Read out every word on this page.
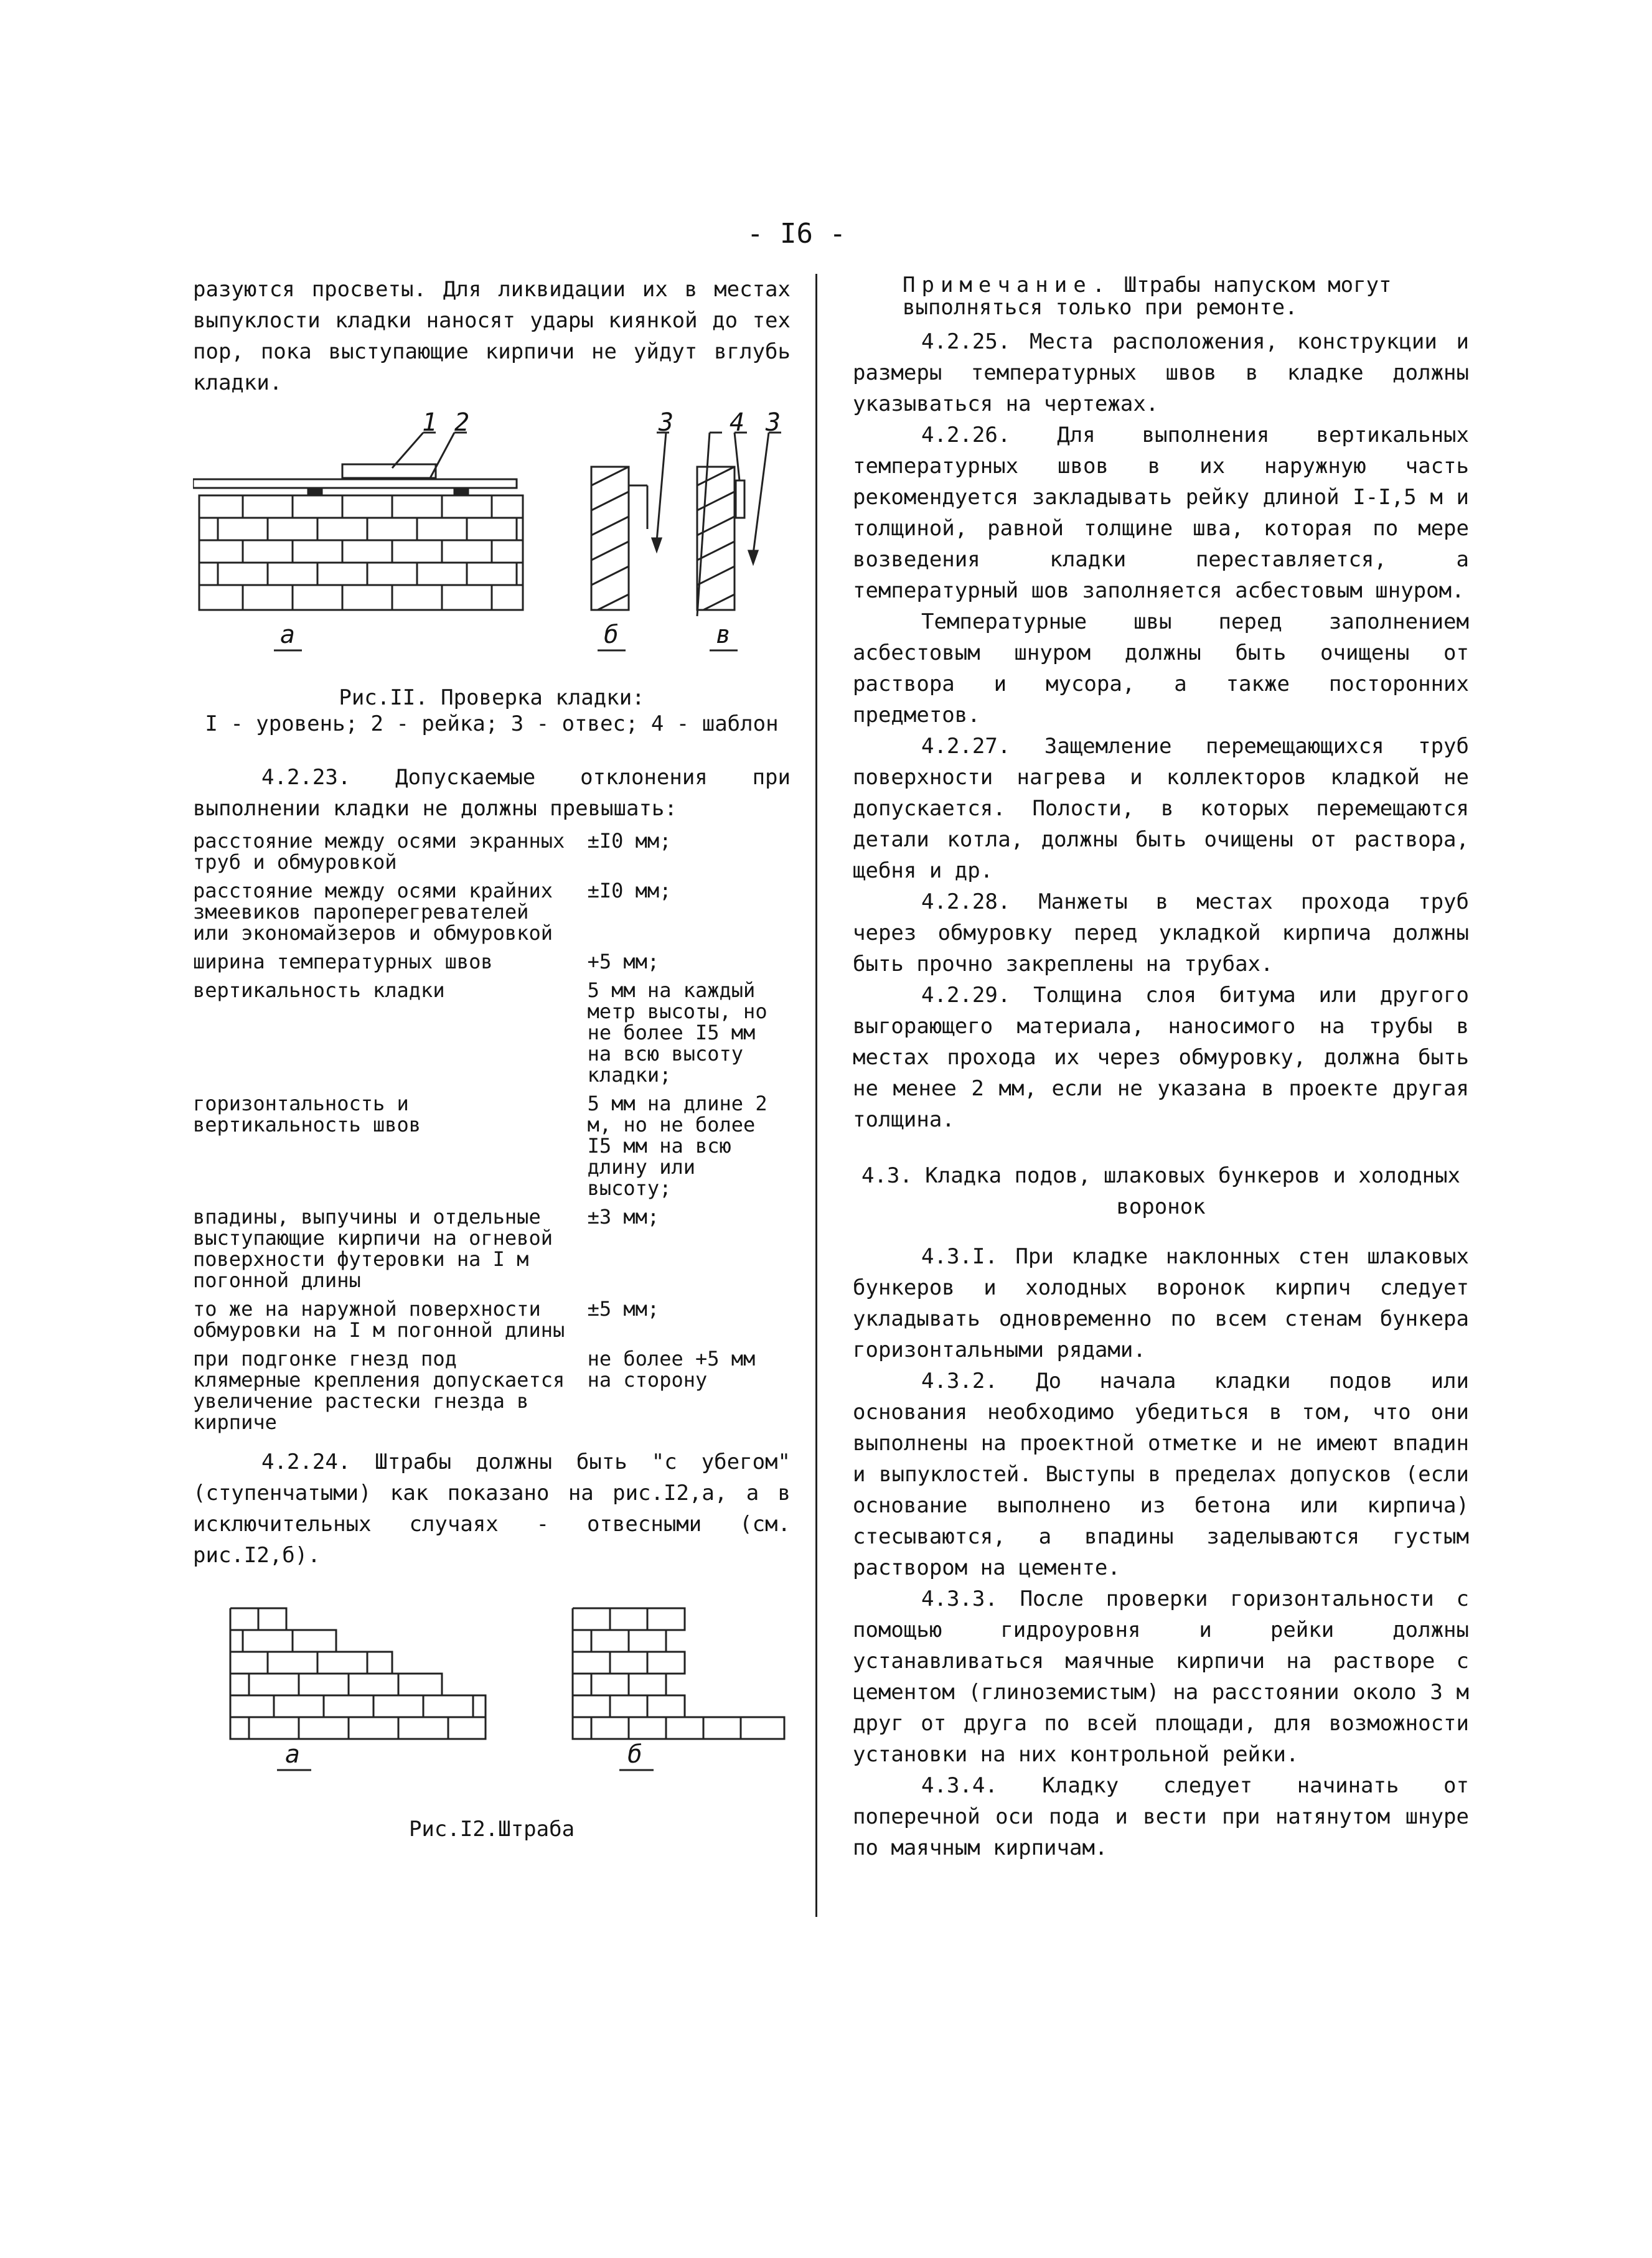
- I6 -

разуются просветы. Для ликвидации их в местах выпуклости кладки наносят удары киянкой до тех пор, пока выступающие кирпичи не уйдут вглубь кладки.

1 2	3 4 3
а	б	в

Рис.II. Проверка кладки:

I - уровень; 2 - рейка; 3 - отвес; 4 - шаблон

4.2.23. Допускаемые отклонения при выполнении кладки не должны превышать:

расстояние между осями экранных труб и обмуровкой	±I0 мм;
расстояние между осями крайних змеевиков пароперегревателей или экономайзеров и обмуровкой	±I0 мм;
ширина температурных швов	+5 мм;
вертикальность кладки	5 мм на каждый метр высоты, но не более I5 мм на всю высоту кладки;
горизонтальность и вертикальность швов	5 мм на длине 2 м, но не более I5 мм на всю длину или высоту;
впадины, выпучины и отдельные выступающие кирпичи на огневой поверхности футеровки на I м погонной длины	±3 мм;
то же на наружной поверхности обмуровки на I м погонной длины	±5 мм;
при подгонке гнезд под клямерные крепления допускается увеличение растески гнезда в кирпиче	не более +5 мм на сторону

4.2.24. Штрабы должны быть "с убегом" (ступенчатыми) как показано на рис.I2,а, а в исключительных случаях - отвесными (см. рис.I2,б).

а	б

Рис.I2.Штраба

Примечание. Штрабы напуском могут выполняться только при ремонте.

4.2.25. Места расположения, конструкции и размеры температурных швов в кладке должны указываться на чертежах.

4.2.26. Для выполнения вертикальных температурных швов в их наружную часть рекомендуется закладывать рейку длиной I-I,5 м и толщиной, равной толщине шва, которая по мере возведения кладки переставляется, а температурный шов заполняется асбестовым шнуром.

Температурные швы перед заполнением асбестовым шнуром должны быть очищены от раствора и мусора, а также посторонних предметов.

4.2.27. Защемление перемещающихся труб поверхности нагрева и коллекторов кладкой не допускается. Полости, в которых перемещаются детали котла, должны быть очищены от раствора, щебня и др.

4.2.28. Манжеты в местах прохода труб через обмуровку перед укладкой кирпича должны быть прочно закреплены на трубах.

4.2.29. Толщина слоя битума или другого выгорающего материала, наносимого на трубы в местах прохода их через обмуровку, должна быть не менее 2 мм, если не указана в проекте другая толщина.

4.3. Кладка подов, шлаковых бункеров и холодных воронок

4.3.I. При кладке наклонных стен шлаковых бункеров и холодных воронок кирпич следует укладывать одновременно по всем стенам бункера горизонтальными рядами.

4.3.2. До начала кладки подов или основания необходимо убедиться в том, что они выполнены на проектной отметке и не имеют впадин и выпуклостей. Выступы в пределах допусков (если основание выполнено из бетона или кирпича) стесываются, а впадины заделываются густым раствором на цементе.

4.3.3. После проверки горизонтальности с помощью гидроуровня и рейки должны устанавливаться маячные кирпичи на растворе с цементом (глиноземистым) на расстоянии около 3 м друг от друга по всей площади, для возможности установки на них контрольной рейки.

4.3.4. Кладку следует начинать от поперечной оси пода и вести при натянутом шнуре по маячным кирпичам.
